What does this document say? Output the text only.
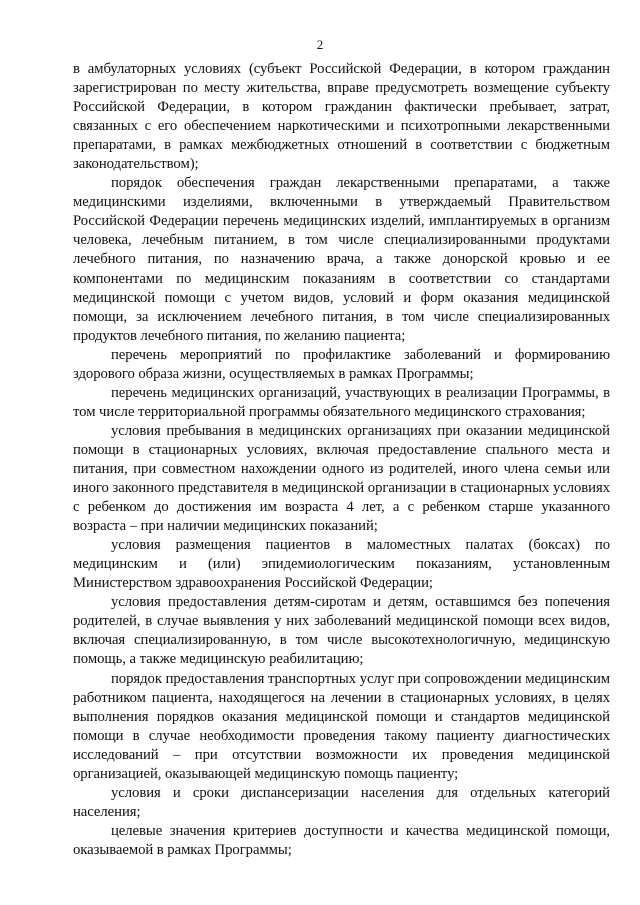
2

в амбулаторных условиях (субъект Российской Федерации, в котором гражданин зарегистрирован по месту жительства, вправе предусмотреть возмещение субъекту Российской Федерации, в котором гражданин фактически пребывает, затрат, связанных с его обеспечением наркотическими и психотропными лекарственными препаратами, в рамках межбюджетных отношений в соответствии с бюджетным законодательством);

порядок обеспечения граждан лекарственными препаратами, а также медицинскими изделиями, включенными в утверждаемый Правительством Российской Федерации перечень медицинских изделий, имплантируемых в организм человека, лечебным питанием, в том числе специализированными продуктами лечебного питания, по назначению врача, а также донорской кровью и ее компонентами по медицинским показаниям в соответствии со стандартами медицинской помощи с учетом видов, условий и форм оказания медицинской помощи, за исключением лечебного питания, в том числе специализированных продуктов лечебного питания, по желанию пациента;

перечень мероприятий по профилактике заболеваний и формированию здорового образа жизни, осуществляемых в рамках Программы;

перечень медицинских организаций, участвующих в реализации Программы, в том числе территориальной программы обязательного медицинского страхования;

условия пребывания в медицинских организациях при оказании медицинской помощи в стационарных условиях, включая предоставление спального места и питания, при совместном нахождении одного из родителей, иного члена семьи или иного законного представителя в медицинской организации в стационарных условиях с ребенком до достижения им возраста 4 лет, а с ребенком старше указанного возраста – при наличии медицинских показаний;

условия размещения пациентов в маломестных палатах (боксах) по медицинским и (или) эпидемиологическим показаниям, установленным Министерством здравоохранения Российской Федерации;

условия предоставления детям-сиротам и детям, оставшимся без попечения родителей, в случае выявления у них заболеваний медицинской помощи всех видов, включая специализированную, в том числе высокотехнологичную, медицинскую помощь, а также медицинскую реабилитацию;

порядок предоставления транспортных услуг при сопровождении медицинским работником пациента, находящегося на лечении в стационарных условиях, в целях выполнения порядков оказания медицинской помощи и стандартов медицинской помощи в случае необходимости проведения такому пациенту диагностических исследований – при отсутствии возможности их проведения медицинской организацией, оказывающей медицинскую помощь пациенту;

условия и сроки диспансеризации населения для отдельных категорий населения;

целевые значения критериев доступности и качества медицинской помощи, оказываемой в рамках Программы;
